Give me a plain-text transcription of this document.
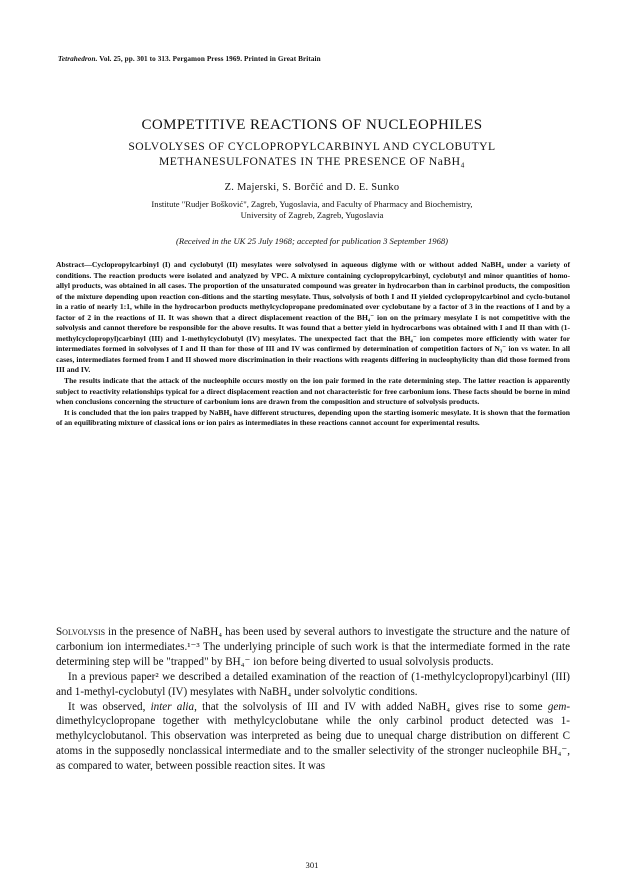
Tetrahedron. Vol. 25, pp. 301 to 313. Pergamon Press 1969. Printed in Great Britain
COMPETITIVE REACTIONS OF NUCLEOPHILES
SOLVOLYSES OF CYCLOPROPYLCARBINYL AND CYCLOBUTYL METHANESULFONATES IN THE PRESENCE OF NaBH₄
Z. Majerski, S. Borčić and D. E. Sunko
Institute "Rudjer Bošković", Zagreb, Yugoslavia, and Faculty of Pharmacy and Biochemistry,
University of Zagreb, Zagreb, Yugoslavia
(Received in the UK 25 July 1968; accepted for publication 3 September 1968)

Abstract—Cyclopropylcarbinyl (I) and cyclobutyl (II) mesylates were solvolysed in aqueous diglyme with or without added NaBH₄ under a variety of conditions. The reaction products were isolated and analyzed by VPC. A mixture containing cyclopropylcarbinyl, cyclobutyl and minor quantities of homo-allyl products, was obtained in all cases. The proportion of the unsaturated compound was greater in hydrocarbon than in carbinol products, the composition of the mixture depending upon reaction con-ditions and the starting mesylate. Thus, solvolysis of both I and II yielded cyclopropylcarbinol and cyclo-butanol in a ratio of nearly 1:1, while in the hydrocarbon products methylcyclopropane predominated over cyclobutane by a factor of 3 in the reactions of I and by a factor of 2 in the reactions of II. It was shown that a direct displacement reaction of the BH₄⁻ ion on the primary mesylate I is not competitive with the solvolysis and cannot therefore be responsible for the above results. It was found that a better yield in hydrocarbons was obtained with I and II than with (1-methylcyclopropyl)carbinyl (III) and 1-methylcyclobutyl (IV) mesylates. The unexpected fact that the BH₄⁻ ion competes more efficiently with water for intermediates formed in solvolyses of I and II than for those of III and IV was confirmed by determination of competition factors of N₃⁻ ion vs water. In all cases, intermediates formed from I and II showed more discrimination in their reactions with reagents differing in nucleophylicity than did those formed from III and IV.

The results indicate that the attack of the nucleophile occurs mostly on the ion pair formed in the rate determining step. The latter reaction is apparently subject to reactivity relationships typical for a direct displacement reaction and not characteristic for free carbonium ions. These facts should be borne in mind when conclusions concerning the structure of carbonium ions are drawn from the composition and structure of solvolysis products.

It is concluded that the ion pairs trapped by NaBH₄ have different structures, depending upon the starting isomeric mesylate. It is shown that the formation of an equilibrating mixture of classical ions or ion pairs as intermediates in these reactions cannot account for experimental results.

Solvolysis in the presence of NaBH₄ has been used by several authors to investigate the structure and the nature of carbonium ion intermediates.¹⁻³ The underlying principle of such work is that the intermediate formed in the rate determining step will be "trapped" by BH₄⁻ ion before being diverted to usual solvolysis products.

In a previous paper² we described a detailed examination of the reaction of (1-methylcyclopropyl)carbinyl (III) and 1-methyl-cyclobutyl (IV) mesylates with NaBH₄ under solvolytic conditions.

It was observed, inter alia, that the solvolysis of III and IV with added NaBH₄ gives rise to some gem-dimethylcyclopropane together with methylcyclobutane while the only carbinol product detected was 1-methylcyclobutanol. This observation was interpreted as being due to unequal charge distribution on different C atoms in the supposedly nonclassical intermediate and to the smaller selectivity of the stronger nucleophile BH₄⁻, as compared to water, between possible reaction sites. It was

301
